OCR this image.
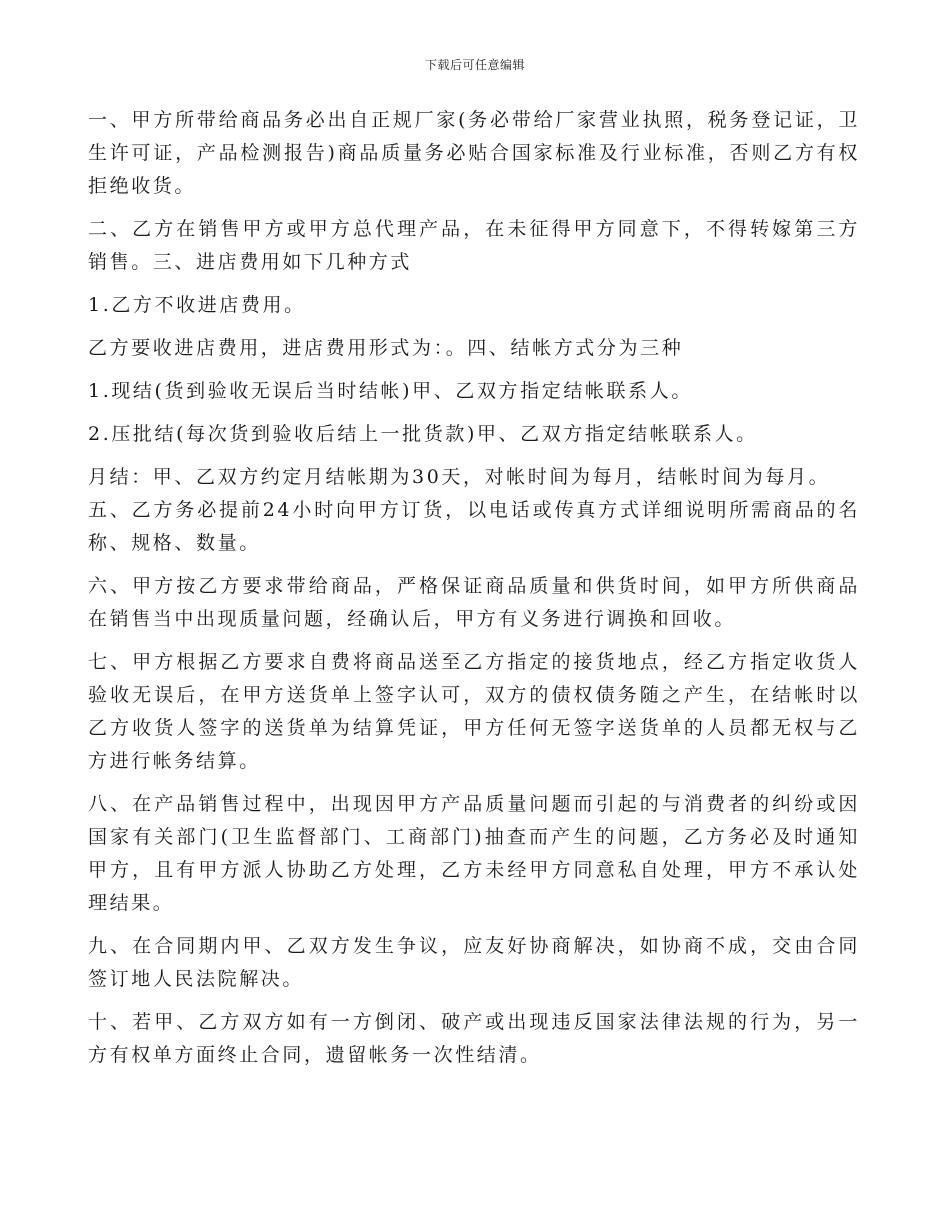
下载后可任意编辑

一、甲方所带给商品务必出自正规厂家(务必带给厂家营业执照，税务登记证，卫生许可证，产品检测报告)商品质量务必贴合国家标准及行业标准，否则乙方有权拒绝收货。

二、乙方在销售甲方或甲方总代理产品，在未征得甲方同意下，不得转嫁第三方销售。三、进店费用如下几种方式

1.乙方不收进店费用。

乙方要收进店费用，进店费用形式为：。四、结帐方式分为三种

1.现结(货到验收无误后当时结帐)甲、乙双方指定结帐联系人。

2.压批结(每次货到验收后结上一批货款)甲、乙双方指定结帐联系人。

月结：甲、乙双方约定月结帐期为30天，对帐时间为每月，结帐时间为每月。

五、乙方务必提前24小时向甲方订货，以电话或传真方式详细说明所需商品的名称、规格、数量。

六、甲方按乙方要求带给商品，严格保证商品质量和供货时间，如甲方所供商品在销售当中出现质量问题，经确认后，甲方有义务进行调换和回收。

七、甲方根据乙方要求自费将商品送至乙方指定的接货地点，经乙方指定收货人验收无误后，在甲方送货单上签字认可，双方的债权债务随之产生，在结帐时以乙方收货人签字的送货单为结算凭证，甲方任何无签字送货单的人员都无权与乙方进行帐务结算。

八、在产品销售过程中，出现因甲方产品质量问题而引起的与消费者的纠纷或因国家有关部门(卫生监督部门、工商部门)抽查而产生的问题，乙方务必及时通知甲方，且有甲方派人协助乙方处理，乙方未经甲方同意私自处理，甲方不承认处理结果。

九、在合同期内甲、乙双方发生争议，应友好协商解决，如协商不成，交由合同签订地人民法院解决。

十、若甲、乙方双方如有一方倒闭、破产或出现违反国家法律法规的行为，另一方有权单方面终止合同，遗留帐务一次性结清。
